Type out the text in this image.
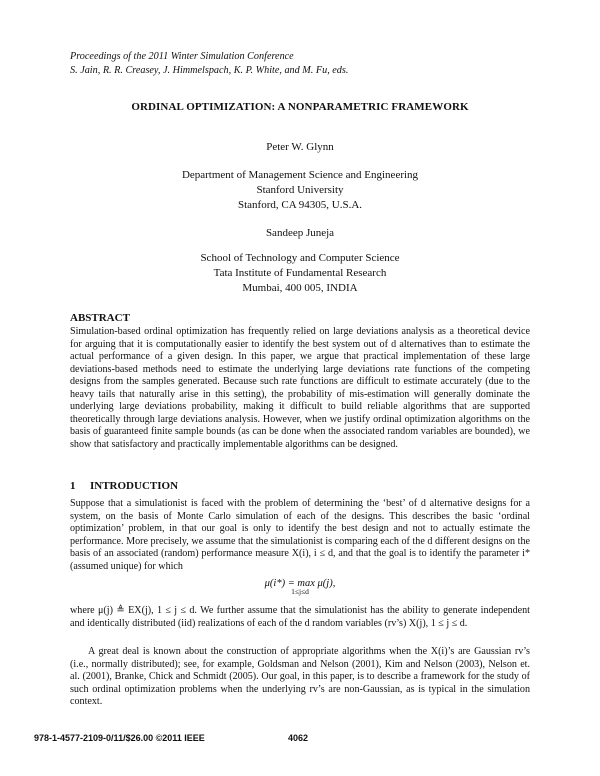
Proceedings of the 2011 Winter Simulation Conference
S. Jain, R. R. Creasey, J. Himmelspach, K. P. White, and M. Fu, eds.
ORDINAL OPTIMIZATION: A NONPARAMETRIC FRAMEWORK

Peter W. Glynn

Department of Management Science and Engineering

Stanford University

Stanford, CA 94305, U.S.A.

Sandeep Juneja

School of Technology and Computer Science

Tata Institute of Fundamental Research

Mumbai, 400 005, INDIA

ABSTRACT

Simulation-based ordinal optimization has frequently relied on large deviations analysis as a theoretical device for arguing that it is computationally easier to identify the best system out of d alternatives than to estimate the actual performance of a given design. In this paper, we argue that practical implementation of these large deviations-based methods need to estimate the underlying large deviations rate functions of the competing designs from the samples generated. Because such rate functions are difficult to estimate accurately (due to the heavy tails that naturally arise in this setting), the probability of mis-estimation will generally dominate the underlying large deviations probability, making it difficult to build reliable algorithms that are supported theoretically through large deviations analysis. However, when we justify ordinal optimization algorithms on the basis of guaranteed finite sample bounds (as can be done when the associated random variables are bounded), we show that satisfactory and practically implementable algorithms can be designed.

1 INTRODUCTION

Suppose that a simulationist is faced with the problem of determining the ‘best’ of d alternative designs for a system, on the basis of Monte Carlo simulation of each of the designs. This describes the basic ‘ordinal optimization’ problem, in that our goal is only to identify the best design and not to actually estimate the performance. More precisely, we assume that the simulationist is comparing each of the d different designs on the basis of an associated (random) performance measure X(i), i ≤ d, and that the goal is to identify the parameter i* (assumed unique) for which

μ(i*) = max μ(j),
1≤j≤d

where μ(j) ≜ EX(j), 1 ≤ j ≤ d. We further assume that the simulationist has the ability to generate independent and identically distributed (iid) realizations of each of the d random variables (rv’s) X(j), 1 ≤ j ≤ d.

A great deal is known about the construction of appropriate algorithms when the X(i)’s are Gaussian rv’s (i.e., normally distributed); see, for example, Goldsman and Nelson (2001), Kim and Nelson (2003), Nelson et. al. (2001), Branke, Chick and Schmidt (2005). Our goal, in this paper, is to describe a framework for the study of such ordinal optimization problems when the underlying rv’s are non-Gaussian, as is typical in the simulation context.

978-1-4577-2109-0/11/$26.00 ©2011 IEEE	4062
